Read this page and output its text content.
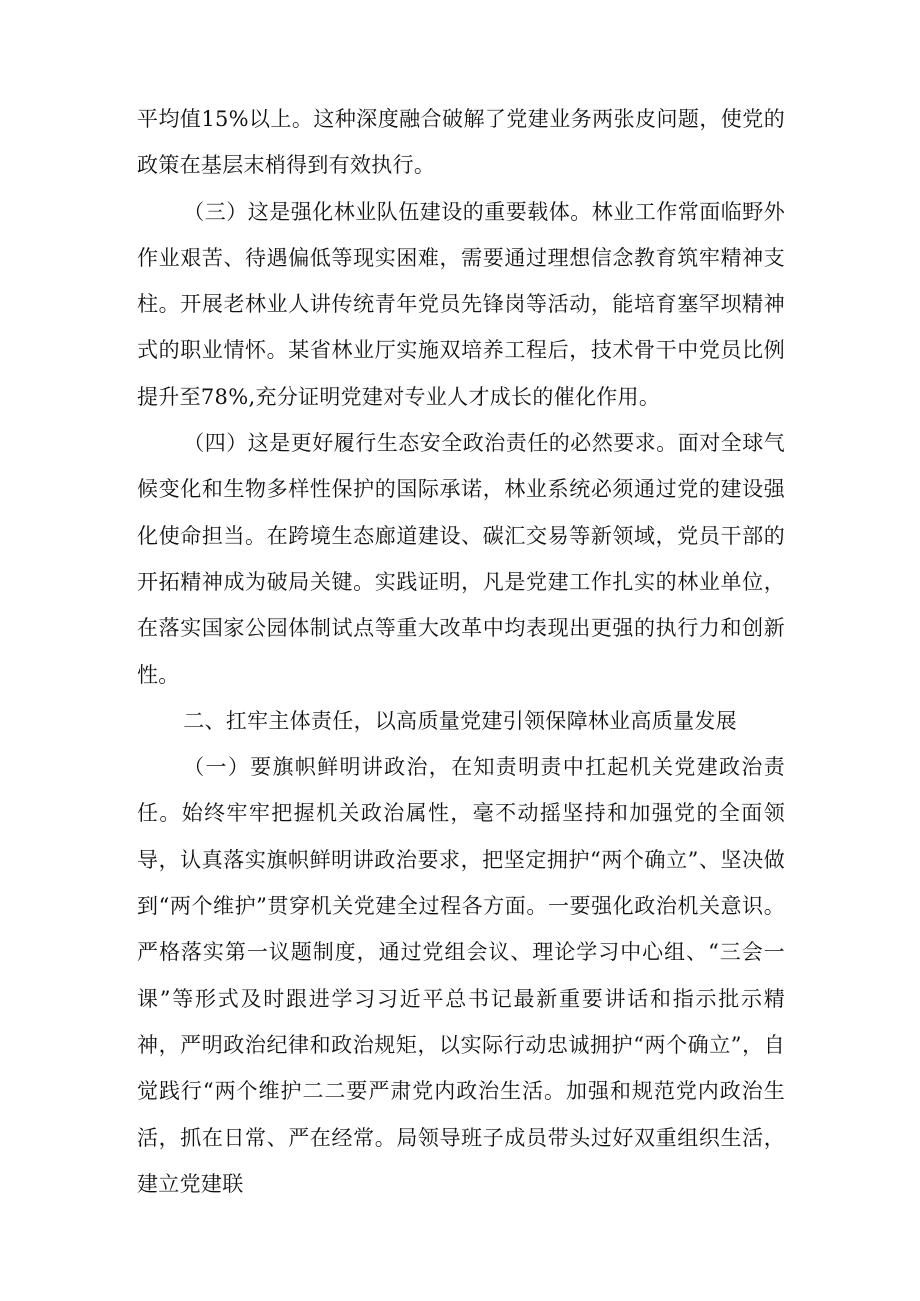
平均值15%以上。这种深度融合破解了党建业务两张皮问题，使党的政策在基层末梢得到有效执行。

（三）这是强化林业队伍建设的重要载体。林业工作常面临野外作业艰苦、待遇偏低等现实困难，需要通过理想信念教育筑牢精神支柱。开展老林业人讲传统青年党员先锋岗等活动，能培育塞罕坝精神式的职业情怀。某省林业厅实施双培养工程后，技术骨干中党员比例提升至78%,充分证明党建对专业人才成长的催化作用。

（四）这是更好履行生态安全政治责任的必然要求。面对全球气候变化和生物多样性保护的国际承诺，林业系统必须通过党的建设强化使命担当。在跨境生态廊道建设、碳汇交易等新领域，党员干部的开拓精神成为破局关键。实践证明，凡是党建工作扎实的林业单位，在落实国家公园体制试点等重大改革中均表现出更强的执行力和创新性。

二、扛牢主体责任，以高质量党建引领保障林业高质量发展

（一）要旗帜鲜明讲政治，在知责明责中扛起机关党建政治责任。始终牢牢把握机关政治属性，毫不动摇坚持和加强党的全面领导，认真落实旗帜鲜明讲政治要求，把坚定拥护“两个确立”、坚决做到“两个维护”贯穿机关党建全过程各方面。一要强化政治机关意识。严格落实第一议题制度，通过党组会议、理论学习中心组、“三会一课”等形式及时跟进学习习近平总书记最新重要讲话和指示批示精神，严明政治纪律和政治规矩，以实际行动忠诚拥护“两个确立”，自觉践行“两个维护二二要严肃党内政治生活。加强和规范党内政治生活，抓在日常、严在经常。局领导班子成员带头过好双重组织生活，建立党建联
